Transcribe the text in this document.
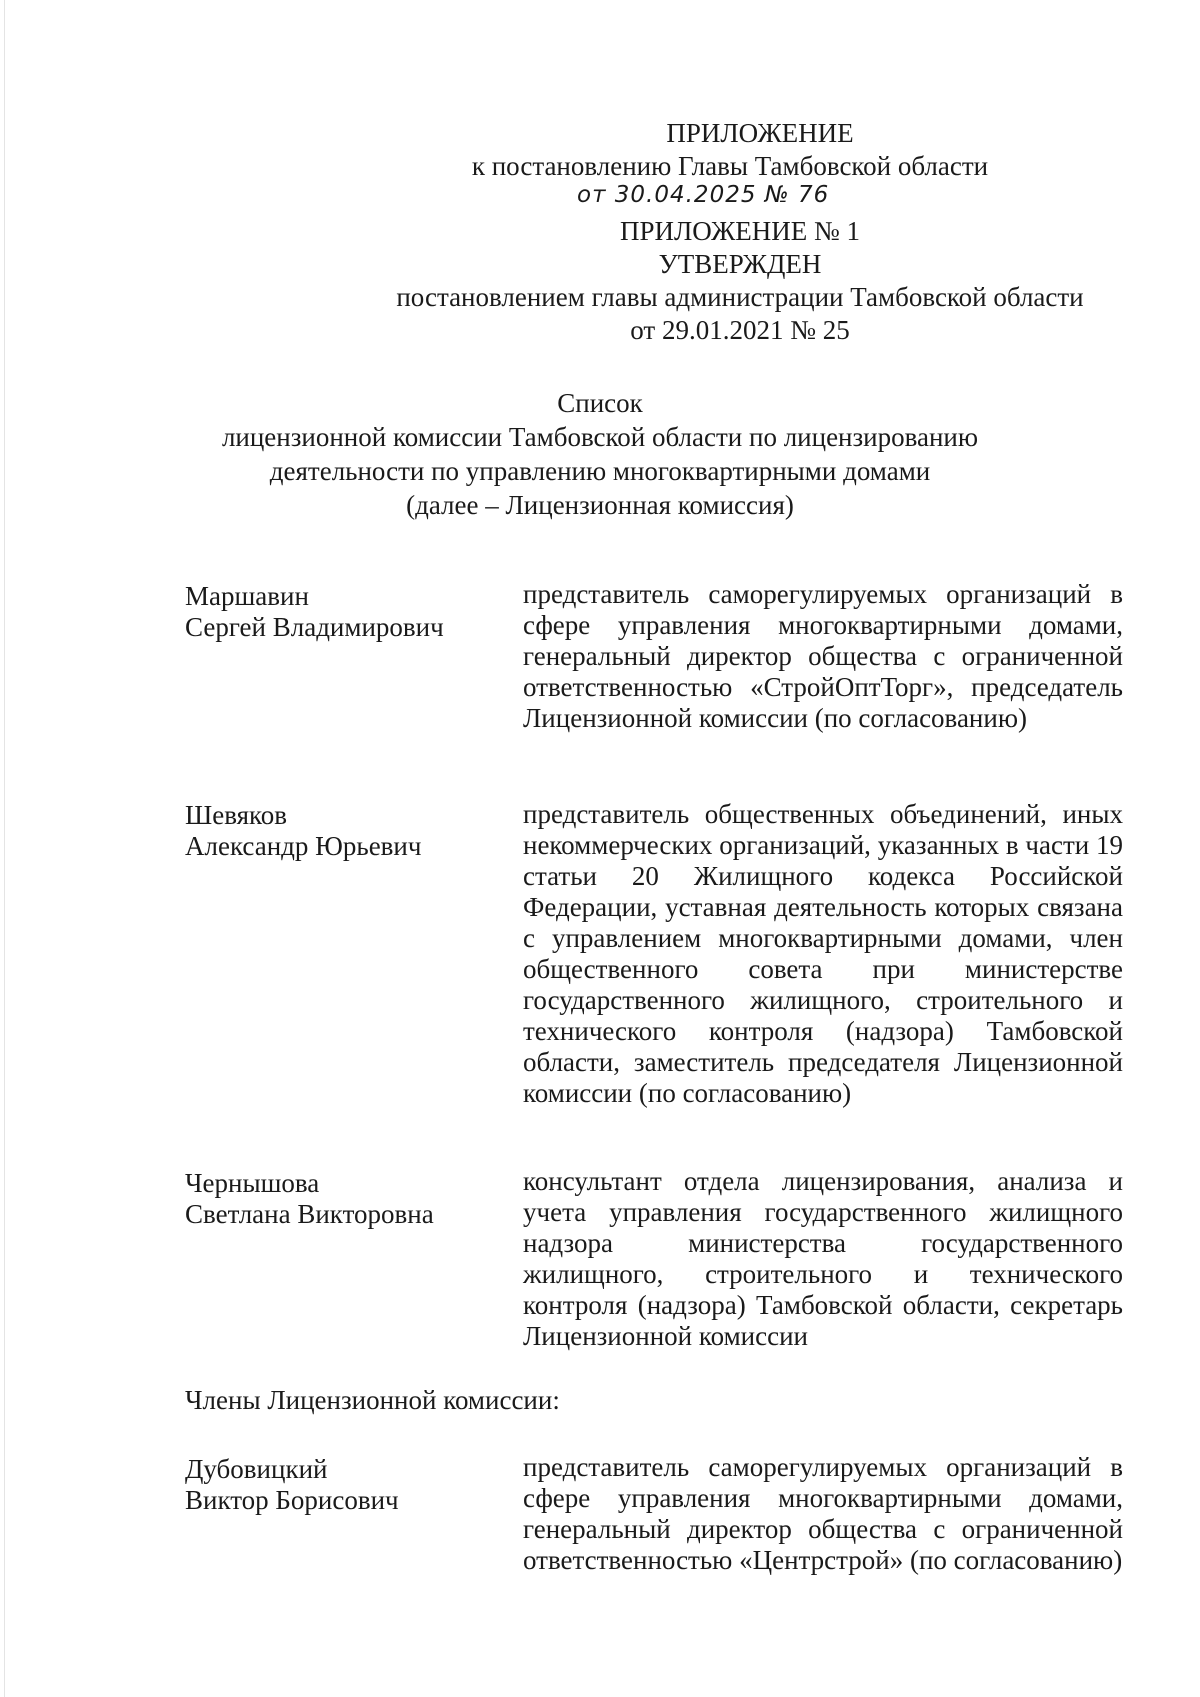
ПРИЛОЖЕНИЕ
к постановлению Главы Тамбовской области
от 30.04.2025 № 76
ПРИЛОЖЕНИЕ № 1
УТВЕРЖДЕН
постановлением главы администрации Тамбовской области
от 29.01.2021 № 25
Список
лицензионной комиссии Тамбовской области по лицензированию
деятельности по управлению многоквартирными домами
(далее – Лицензионная комиссия)
Маршавин
Сергей Владимирович
представитель саморегулируемых организаций в сфере управления многоквартирными домами, генеральный директор общества с ограниченной ответственностью «СтройОптТорг», председатель Лицензионной комиссии (по согласованию)
Шевяков
Александр Юрьевич
представитель общественных объединений, иных некоммерческих организаций, указанных в части 19 статьи 20 Жилищного кодекса Российской Федерации, уставная деятельность которых связана с управлением многоквартирными домами, член общественного совета при министерстве государственного жилищного, строительного и технического контроля (надзора) Тамбовской области, заместитель председателя Лицензионной комиссии (по согласованию)
Чернышова
Светлана Викторовна
консультант отдела лицензирования, анализа и учета управления государственного жилищного надзора министерства государственного жилищного, строительного и технического контроля (надзора) Тамбовской области, секретарь Лицензионной комиссии
Члены Лицензионной комиссии:
Дубовицкий
Виктор Борисович
представитель саморегулируемых организаций в сфере управления многоквартирными домами, генеральный директор общества с ограниченной ответственностью «Центрстрой» (по согласованию)
